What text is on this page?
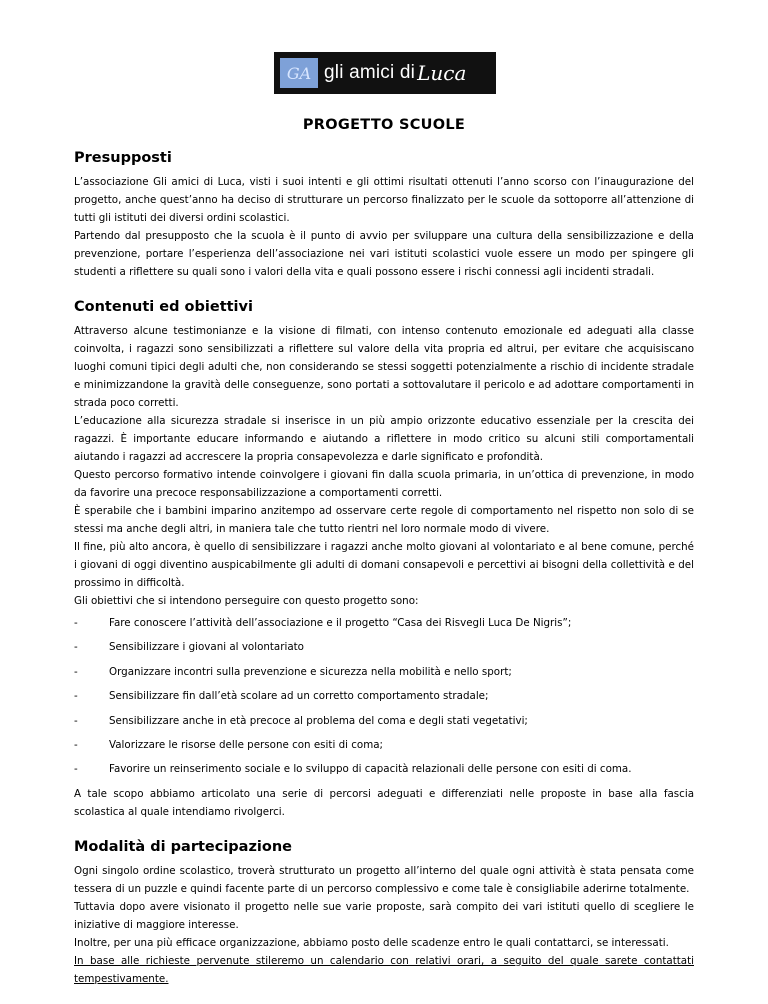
GA gli amici di Luca
PROGETTO SCUOLE
Presupposti

L’associazione Gli amici di Luca, visti i suoi intenti e gli ottimi risultati ottenuti l’anno scorso con l’inaugurazione del progetto, anche quest’anno ha deciso di strutturare un percorso finalizzato per le scuole da sottoporre all’attenzione di tutti gli istituti dei diversi ordini scolastici.

Partendo dal presupposto che la scuola è il punto di avvio per sviluppare una cultura della sensibilizzazione e della prevenzione, portare l’esperienza dell’associazione nei vari istituti scolastici vuole essere un modo per spingere gli studenti a riflettere su quali sono i valori della vita e quali possono essere i rischi connessi agli incidenti stradali.

Contenuti ed obiettivi

Attraverso alcune testimonianze e la visione di filmati, con intenso contenuto emozionale ed adeguati alla classe coinvolta, i ragazzi sono sensibilizzati a riflettere sul valore della vita propria ed altrui, per evitare che acquisiscano luoghi comuni tipici degli adulti che, non considerando se stessi soggetti potenzialmente a rischio di incidente stradale e minimizzandone la gravità delle conseguenze, sono portati a sottovalutare il pericolo e ad adottare comportamenti in strada poco corretti.

L’educazione alla sicurezza stradale si inserisce in un più ampio orizzonte educativo essenziale per la crescita dei ragazzi. È importante educare informando e aiutando a riflettere in modo critico su alcuni stili comportamentali aiutando i ragazzi ad accrescere la propria consapevolezza e darle significato e profondità.

Questo percorso formativo intende coinvolgere i giovani fin dalla scuola primaria, in un’ottica di prevenzione, in modo da favorire una precoce responsabilizzazione a comportamenti corretti.

È sperabile che i bambini imparino anzitempo ad osservare certe regole di comportamento nel rispetto non solo di se stessi ma anche degli altri, in maniera tale che tutto rientri nel loro normale modo di vivere.

Il fine, più alto ancora, è quello di sensibilizzare i ragazzi anche molto giovani al volontariato e al bene comune, perché i giovani di oggi diventino auspicabilmente gli adulti di domani consapevoli e percettivi ai bisogni della collettività e del prossimo in difficoltà.

Gli obiettivi che si intendono perseguire con questo progetto sono:

-	Fare conoscere l’attività dell’associazione e il progetto “Casa dei Risvegli Luca De Nigris”;
-	Sensibilizzare i giovani al volontariato
-	Organizzare incontri sulla prevenzione e sicurezza nella mobilità e nello sport;
-	Sensibilizzare fin dall’età scolare ad un corretto comportamento stradale;
-	Sensibilizzare anche in età precoce al problema del coma e degli stati vegetativi;
-	Valorizzare le risorse delle persone con esiti di coma;
-	Favorire un reinserimento sociale e lo sviluppo di capacità relazionali delle persone con esiti di coma.

A tale scopo abbiamo articolato una serie di percorsi adeguati e differenziati nelle proposte in base alla fascia scolastica al quale intendiamo rivolgerci.

Modalità di partecipazione

Ogni singolo ordine scolastico, troverà strutturato un progetto all’interno del quale ogni attività è stata pensata come tessera di un puzzle e quindi facente parte di un percorso complessivo e come tale è consigliabile aderirne totalmente.

Tuttavia dopo avere visionato il progetto nelle sue varie proposte, sarà compito dei vari istituti quello di scegliere le iniziative di maggiore interesse.

Inoltre, per una più efficace organizzazione, abbiamo posto delle scadenze entro le quali contattarci, se interessati.

In base alle richieste pervenute stileremo un calendario con relativi orari, a seguito del quale sarete contattati tempestivamente.
